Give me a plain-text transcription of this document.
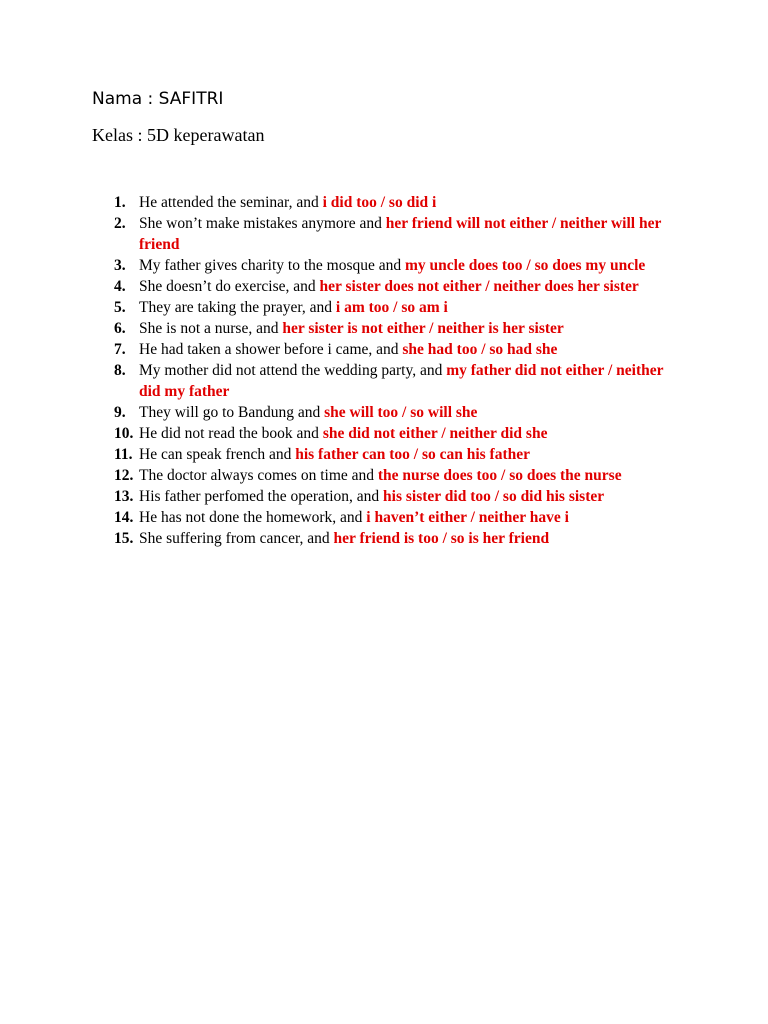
Nama : SAFITRI
Kelas : 5D keperawatan
1. He attended the seminar, and i did too / so did i
2. She won’t make mistakes anymore and her friend will not either / neither will her friend
3. My father gives charity to the mosque and my uncle does too / so does my uncle
4. She doesn’t do exercise, and her sister does not either / neither does her sister
5. They are taking the prayer, and i am too / so am i
6. She is not a nurse, and her sister is not either / neither is her sister
7. He had taken a shower before i came, and she had too / so had she
8. My mother did not attend the wedding party, and my father did not either / neither did my father
9. They will go to Bandung and she will too / so will she
10. He did not read the book and she did not either / neither did she
11. He can speak french and his father can too / so can his father
12. The doctor always comes on time and the nurse does too / so does the nurse
13. His father perfomed the operation, and his sister did too / so did his sister
14. He has not done the homework, and i haven’t either / neither have i
15. She suffering from cancer, and her friend is too / so is her friend
